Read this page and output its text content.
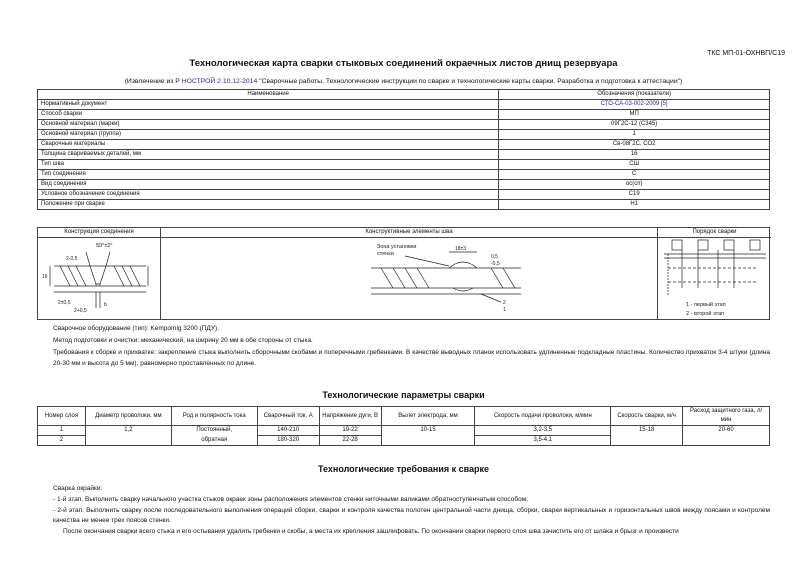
ТКС МП-01-ОХНВП/С19
Технологическая карта сварки стыковых соединений окраечных листов днищ резервуара
(Извлечение из Р НОСТРОЙ 2.10.12-2014 "Сварочные работы. Технологические инструкции по сварке и технологические карты сварки. Разработка и подготовка к аттестации")
Наименование	Обозначения (показатели)
Нормативный документ	СТО-СА-03-002-2009 [5]
Способ сварки	МП
Основной материал (марки)	09Г2С-12 (С345)
Основной материал (группа)	1
Сварочные материалы	Св-08Г2С, СО2
Толщина свариваемых деталей, мм	16
Тип шва	СШ
Тип соединения	С
Вид соединения	ос(сп)
Условное обозначение соединения	С19
Положение при сварке	Н1
Конструкция соединения
50°±2°
2-0,5
2±0,5
2+0,5
16
b
Конструктивные элементы шва
Зона установки
стенки
18±3
0,5
-0,5
2
1
Порядок сварки
1 - первый этап
2 - второй этап
Сварочное оборудование (тип): Kempomig 3200 (ПДУ).
Метод подготовки и очистки: механический, на ширину 20 мм в обе стороны от стыка.
Требования к сборке и прихватке: закрепление стыка выполнить сборочными скобами и поперечными гребенками. В качестве выводных планок использовать удлиненные подкладные пластины. Количество прихваток 3-4 штуки (длина 20-30 мм и высота до 5 мм), равномерно проставленных по длине.
Технологические параметры сварки
Номер слоя	Диаметр проволоки, мм	Род и полярность тока	Сварочный ток, А	Напряжение дуги, В	Вылет электрода, мм	Скорость подачи проволоки, м/мин	Скорость сварки, м/ч	Расход защитного газа, л/мин
1	1,2	Постоянный,	140-210	19-22	10-15	3,2-3,5	15-18	20-60
2		обратная	180-320	22-28		3,5-4,1		
Технологические требования к сварке

Сварка окрайки:

- 1-й этап. Выполнить сварку начального участка стыков окраек зоны расположения элементов стенки ниточными валиками обратноступенчатым способом;

- 2-й этап. Выполнить сварку после последовательного выполнения операций сборки, сварки и контроля качества полотен центральной части днища, сборки, сварки вертикальных и горизонтальных швов между поясами и контролем качества не менее трех поясов стенки.

После окончания сварки всего стыка и его остывания удалить гребенки и скобы, а места их крепления зашлифовать. По окончании сварки первого слоя шва зачистить его от шлака и брызг и произвести
